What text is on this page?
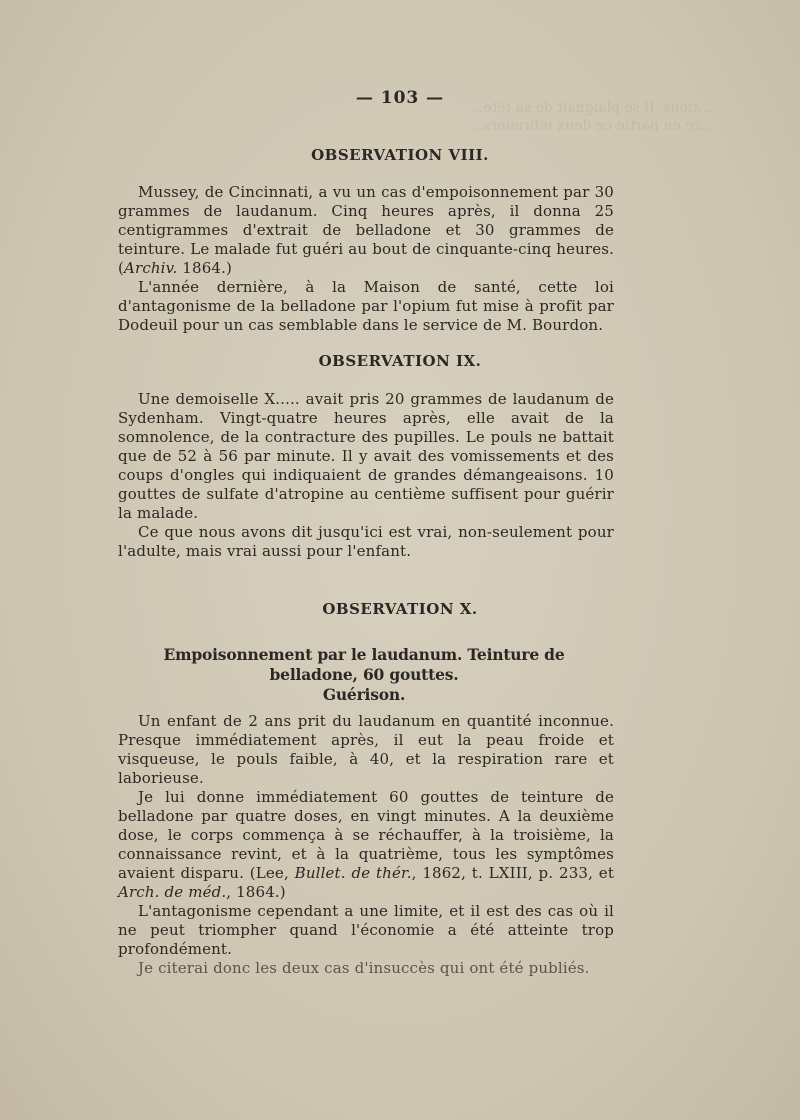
...tions. Il se plaignait de sa tête...
...re en partie ce deux infirmiers...
— 103 —
OBSERVATION VIII.

Mussey, de Cincinnati, a vu un cas d'empoisonnement par 30 grammes de laudanum. Cinq heures après, il donna 25 centigrammes d'extrait de belladone et 30 grammes de teinture. Le malade fut guéri au bout de cinquante-cinq heures. (Archiv. 1864.)

L'année dernière, à la Maison de santé, cette loi d'antagonisme de la belladone par l'opium fut mise à profit par Dodeuil pour un cas semblable dans le service de M. Bourdon.

OBSERVATION IX.

Une demoiselle X..... avait pris 20 grammes de laudanum de Sydenham. Vingt-quatre heures après, elle avait de la somnolence, de la contracture des pupilles. Le pouls ne battait que de 52 à 56 par minute. Il y avait des vomissements et des coups d'ongles qui indiquaient de grandes démangeaisons. 10 gouttes de sulfate d'atropine au centième suffisent pour guérir la malade.

Ce que nous avons dit jusqu'ici est vrai, non-seulement pour l'adulte, mais vrai aussi pour l'enfant.

OBSERVATION X.
Empoisonnement par le laudanum. Teinture de belladone, 60 gouttes.
Guérison.

Un enfant de 2 ans prit du laudanum en quantité inconnue. Presque immédiatement après, il eut la peau froide et visqueuse, le pouls faible, à 40, et la respiration rare et laborieuse.

Je lui donne immédiatement 60 gouttes de teinture de belladone par quatre doses, en vingt minutes. A la deuxième dose, le corps commença à se réchauffer, à la troisième, la connaissance revint, et à la quatrième, tous les symptômes avaient disparu. (Lee, Bullet. de thér., 1862, t. LXIII, p. 233, et Arch. de méd., 1864.)

L'antagonisme cependant a une limite, et il est des cas où il ne peut triompher quand l'économie a été atteinte trop profondément.

Je citerai donc les deux cas d'insuccès qui ont été publiés.
